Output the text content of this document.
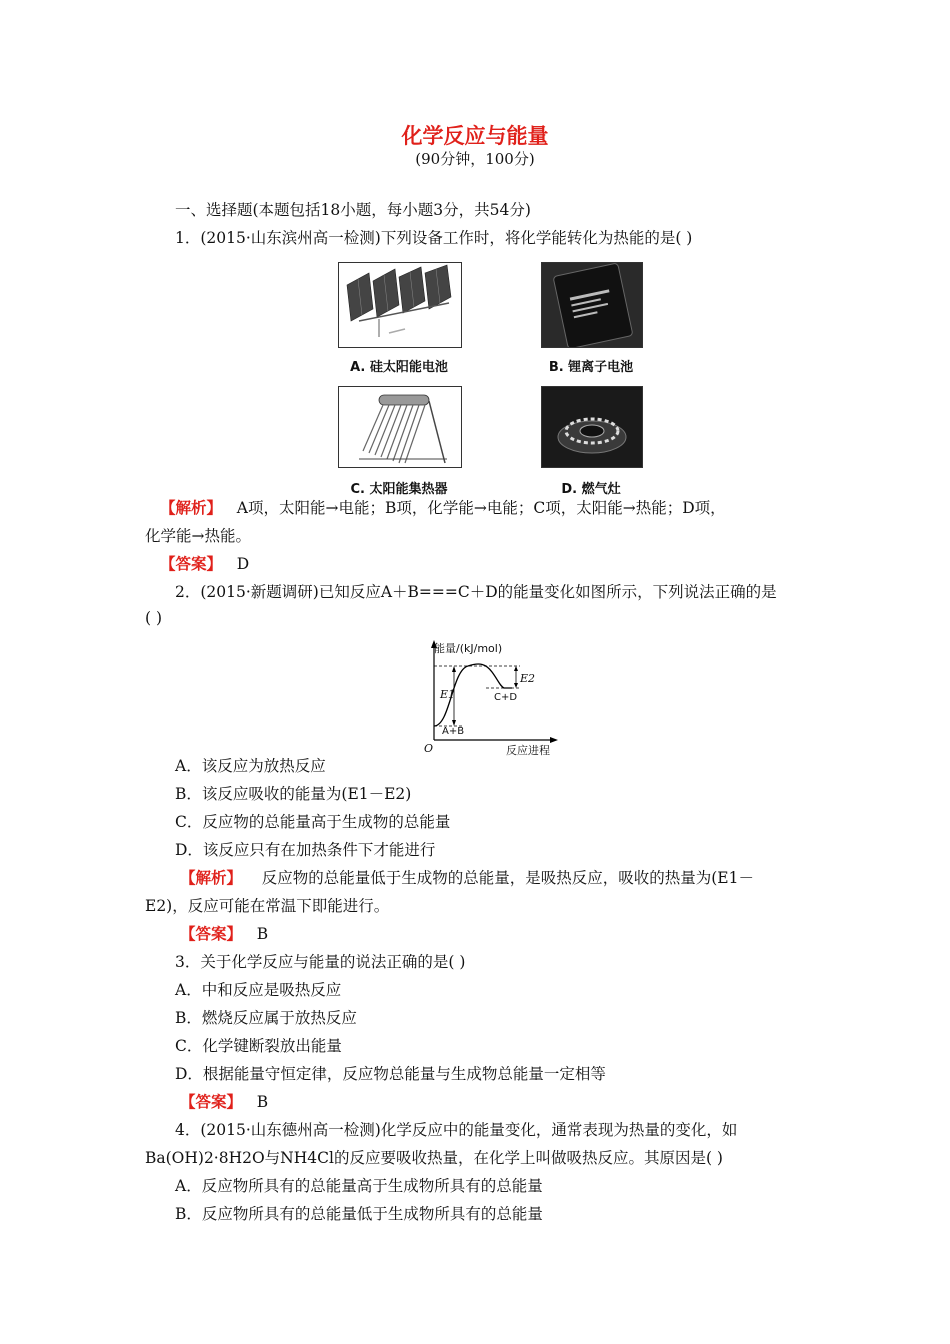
化学反应与能量
(90分钟，100分)
一、选择题(本题包括18小题，每小题3分，共54分)
1．(2015·山东滨州高一检测)下列设备工作时，将化学能转化为热能的是( )
A. 硅太阳能电池	B. 锂离子电池
C. 太阳能集热器	D. 燃气灶
【解析】 A项，太阳能→电能；B项，化学能→电能；C项，太阳能→热能；D项，
化学能→热能。
【答案】 D
2．(2015·新题调研)已知反应A＋B===C＋D的能量变化如图所示，下列说法正确的是
( )
能量/(kJ/mol)
E1
E2
C+D
A+B
O	反应进程
A．该反应为放热反应
B．该反应吸收的能量为(E1－E2)
C．反应物的总能量高于生成物的总能量
D．该反应只有在加热条件下才能进行
【解析】 反应物的总能量低于生成物的总能量，是吸热反应，吸收的热量为(E1－
E2)，反应可能在常温下即能进行。
【答案】 B
3．关于化学反应与能量的说法正确的是( )
A．中和反应是吸热反应
B．燃烧反应属于放热反应
C．化学键断裂放出能量
D．根据能量守恒定律，反应物总能量与生成物总能量一定相等
【答案】 B
4．(2015·山东德州高一检测)化学反应中的能量变化，通常表现为热量的变化，如
Ba(OH)2·8H2O与NH4Cl的反应要吸收热量，在化学上叫做吸热反应。其原因是( )
A．反应物所具有的总能量高于生成物所具有的总能量
B．反应物所具有的总能量低于生成物所具有的总能量
